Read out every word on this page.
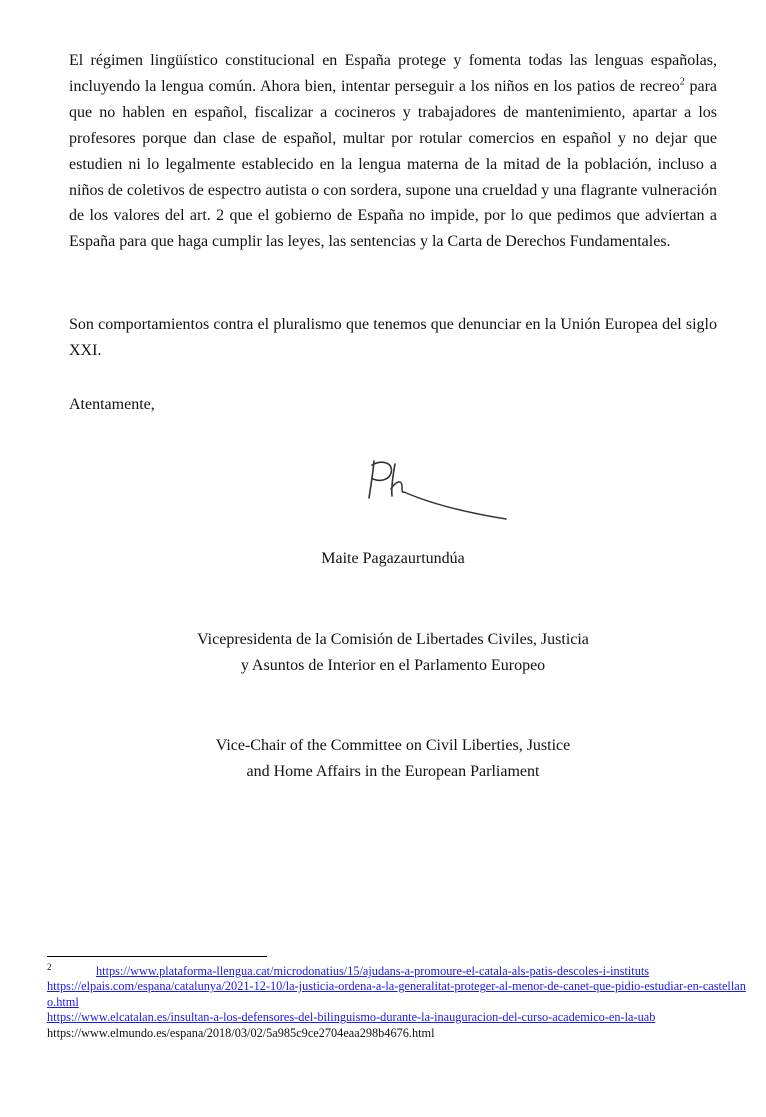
El régimen lingüístico constitucional en España protege y fomenta todas las lenguas españolas, incluyendo la lengua común. Ahora bien, intentar perseguir a los niños en los patios de recreo$^2$ para que no hablen en español, fiscalizar a cocineros y trabajadores de mantenimiento, apartar a los profesores porque dan clase de español, multar por rotular comercios en español y no dejar que estudien ni lo legalmente establecido en la lengua materna de la mitad de la población, incluso a niños de coletivos de espectro autista o con sordera, supone una crueldad y una flagrante vulneración de los valores del art. 2 que el gobierno de España no impide, por lo que pedimos que adviertan a España para que haga cumplir las leyes, las sentencias y la Carta de Derechos Fundamentales.

Son comportamientos contra el pluralismo que tenemos que denunciar en la Unión Europea del siglo XXI.

Atentamente,

Maite Pagazaurtundúa

Vicepresidenta de la Comisión de Libertades Civiles, Justicia
y Asuntos de Interior en el Parlamento Europeo

Vice-Chair of the Committee on Civil Liberties, Justice
and Home Affairs in the European Parliament

2	https://www.plataforma-llengua.cat/microdonatius/15/ajudans-a-promoure-el-catala-als-patis-descoles-i-instituts
https://elpais.com/espana/catalunya/2021-12-10/la-justicia-ordena-a-la-generalitat-proteger-al-menor-de-canet-que-pidio-estudiar-en-castellano.html
https://www.elcatalan.es/insultan-a-los-defensores-del-bilinguismo-durante-la-inauguracion-del-curso-academico-en-la-uab
https://www.elmundo.es/espana/2018/03/02/5a985c9ce2704eaa298b4676.html
